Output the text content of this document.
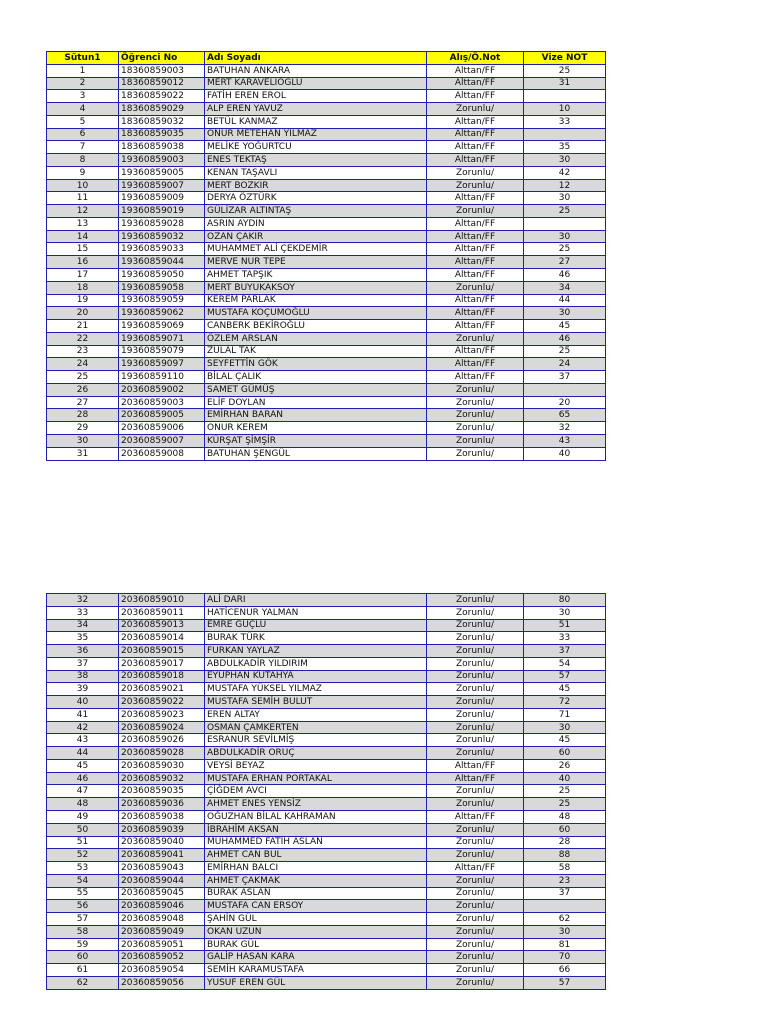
Sütun1	Öğrenci No	Adı Soyadı	Alış/Ö.Not	Vize NOT
1	18360859003	BATUHAN ANKARA	Alttan/FF	25
2	18360859012	MERT KARAVELİOĞLU	Alttan/FF	31
3	18360859022	FATİH EREN EROL	Alttan/FF	
4	18360859029	ALP EREN YAVUZ	Zorunlu/	10
5	18360859032	BETÜL KANMAZ	Alttan/FF	33
6	18360859035	ONUR METEHAN YILMAZ	Alttan/FF	
7	18360859038	MELİKE YOĞURTCU	Alttan/FF	35
8	19360859003	ENES TEKTAŞ	Alttan/FF	30
9	19360859005	KENAN TAŞAVLI	Zorunlu/	42
10	19360859007	MERT BOZKIR	Zorunlu/	12
11	19360859009	DERYA ÖZTÜRK	Alttan/FF	30
12	19360859019	GÜLİZAR ALTINTAŞ	Zorunlu/	25
13	19360859028	ASRIN AYDIN	Alttan/FF	
14	19360859032	OZAN ÇAKIR	Alttan/FF	30
15	19360859033	MUHAMMET ALİ ÇEKDEMİR	Alttan/FF	25
16	19360859044	MERVE NUR TEPE	Alttan/FF	27
17	19360859050	AHMET TAPŞIK	Alttan/FF	46
18	19360859058	MERT BUYUKAKSOY	Zorunlu/	34
19	19360859059	KEREM PARLAK	Alttan/FF	44
20	19360859062	MUSTAFA KOÇUMOĞLU	Alttan/FF	30
21	19360859069	CANBERK BEKİROĞLU	Alttan/FF	45
22	19360859071	ÖZLEM ARSLAN	Zorunlu/	46
23	19360859079	ZÜLAL TAK	Alttan/FF	25
24	19360859097	SEYFETTİN GÖK	Alttan/FF	24
25	19360859110	BİLAL ÇALIK	Alttan/FF	37
26	20360859002	SAMET GÜMÜŞ	Zorunlu/	
27	20360859003	ELİF DOYLAN	Zorunlu/	20
28	20360859005	EMİRHAN BARAN	Zorunlu/	65
29	20360859006	ONUR KEREM	Zorunlu/	32
30	20360859007	KÜRŞAT ŞİMŞİR	Zorunlu/	43
31	20360859008	BATUHAN ŞENGÜL	Zorunlu/	40
32	20360859010	ALİ DARI	Zorunlu/	80
33	20360859011	HATİCENUR YALMAN	Zorunlu/	30
34	20360859013	EMRE GÜÇLÜ	Zorunlu/	51
35	20360859014	BURAK TÜRK	Zorunlu/	33
36	20360859015	FURKAN YAYLAZ	Zorunlu/	37
37	20360859017	ABDULKADİR YILDIRIM	Zorunlu/	54
38	20360859018	EYÜPHAN KÜTAHYA	Zorunlu/	57
39	20360859021	MUSTAFA YÜKSEL YILMAZ	Zorunlu/	45
40	20360859022	MUSTAFA SEMİH BULUT	Zorunlu/	72
41	20360859023	EREN ALTAY	Zorunlu/	71
42	20360859024	OSMAN ÇAMKERTEN	Zorunlu/	30
43	20360859026	ESRANUR SEVİLMİŞ	Zorunlu/	45
44	20360859028	ABDULKADİR ORUÇ	Zorunlu/	60
45	20360859030	VEYSİ BEYAZ	Alttan/FF	26
46	20360859032	MUSTAFA ERHAN PORTAKAL	Alttan/FF	40
47	20360859035	ÇİĞDEM AVCI	Zorunlu/	25
48	20360859036	AHMET ENES YENSİZ	Zorunlu/	25
49	20360859038	OĞUZHAN BİLAL KAHRAMAN	Alttan/FF	48
50	20360859039	İBRAHİM AKSAN	Zorunlu/	60
51	20360859040	MUHAMMED FATİH ASLAN	Zorunlu/	28
52	20360859041	AHMET CAN BUL	Zorunlu/	88
53	20360859043	EMİRHAN BALCI	Alttan/FF	58
54	20360859044	AHMET ÇAKMAK	Zorunlu/	23
55	20360859045	BURAK ASLAN	Zorunlu/	37
56	20360859046	MUSTAFA CAN ERSOY	Zorunlu/	
57	20360859048	ŞAHİN GÜL	Zorunlu/	62
58	20360859049	OKAN UZUN	Zorunlu/	30
59	20360859051	BURAK GÜL	Zorunlu/	81
60	20360859052	GALİP HASAN KARA	Zorunlu/	70
61	20360859054	SEMİH KARAMUSTAFA	Zorunlu/	66
62	20360859056	YUSUF EREN GÜL	Zorunlu/	57
